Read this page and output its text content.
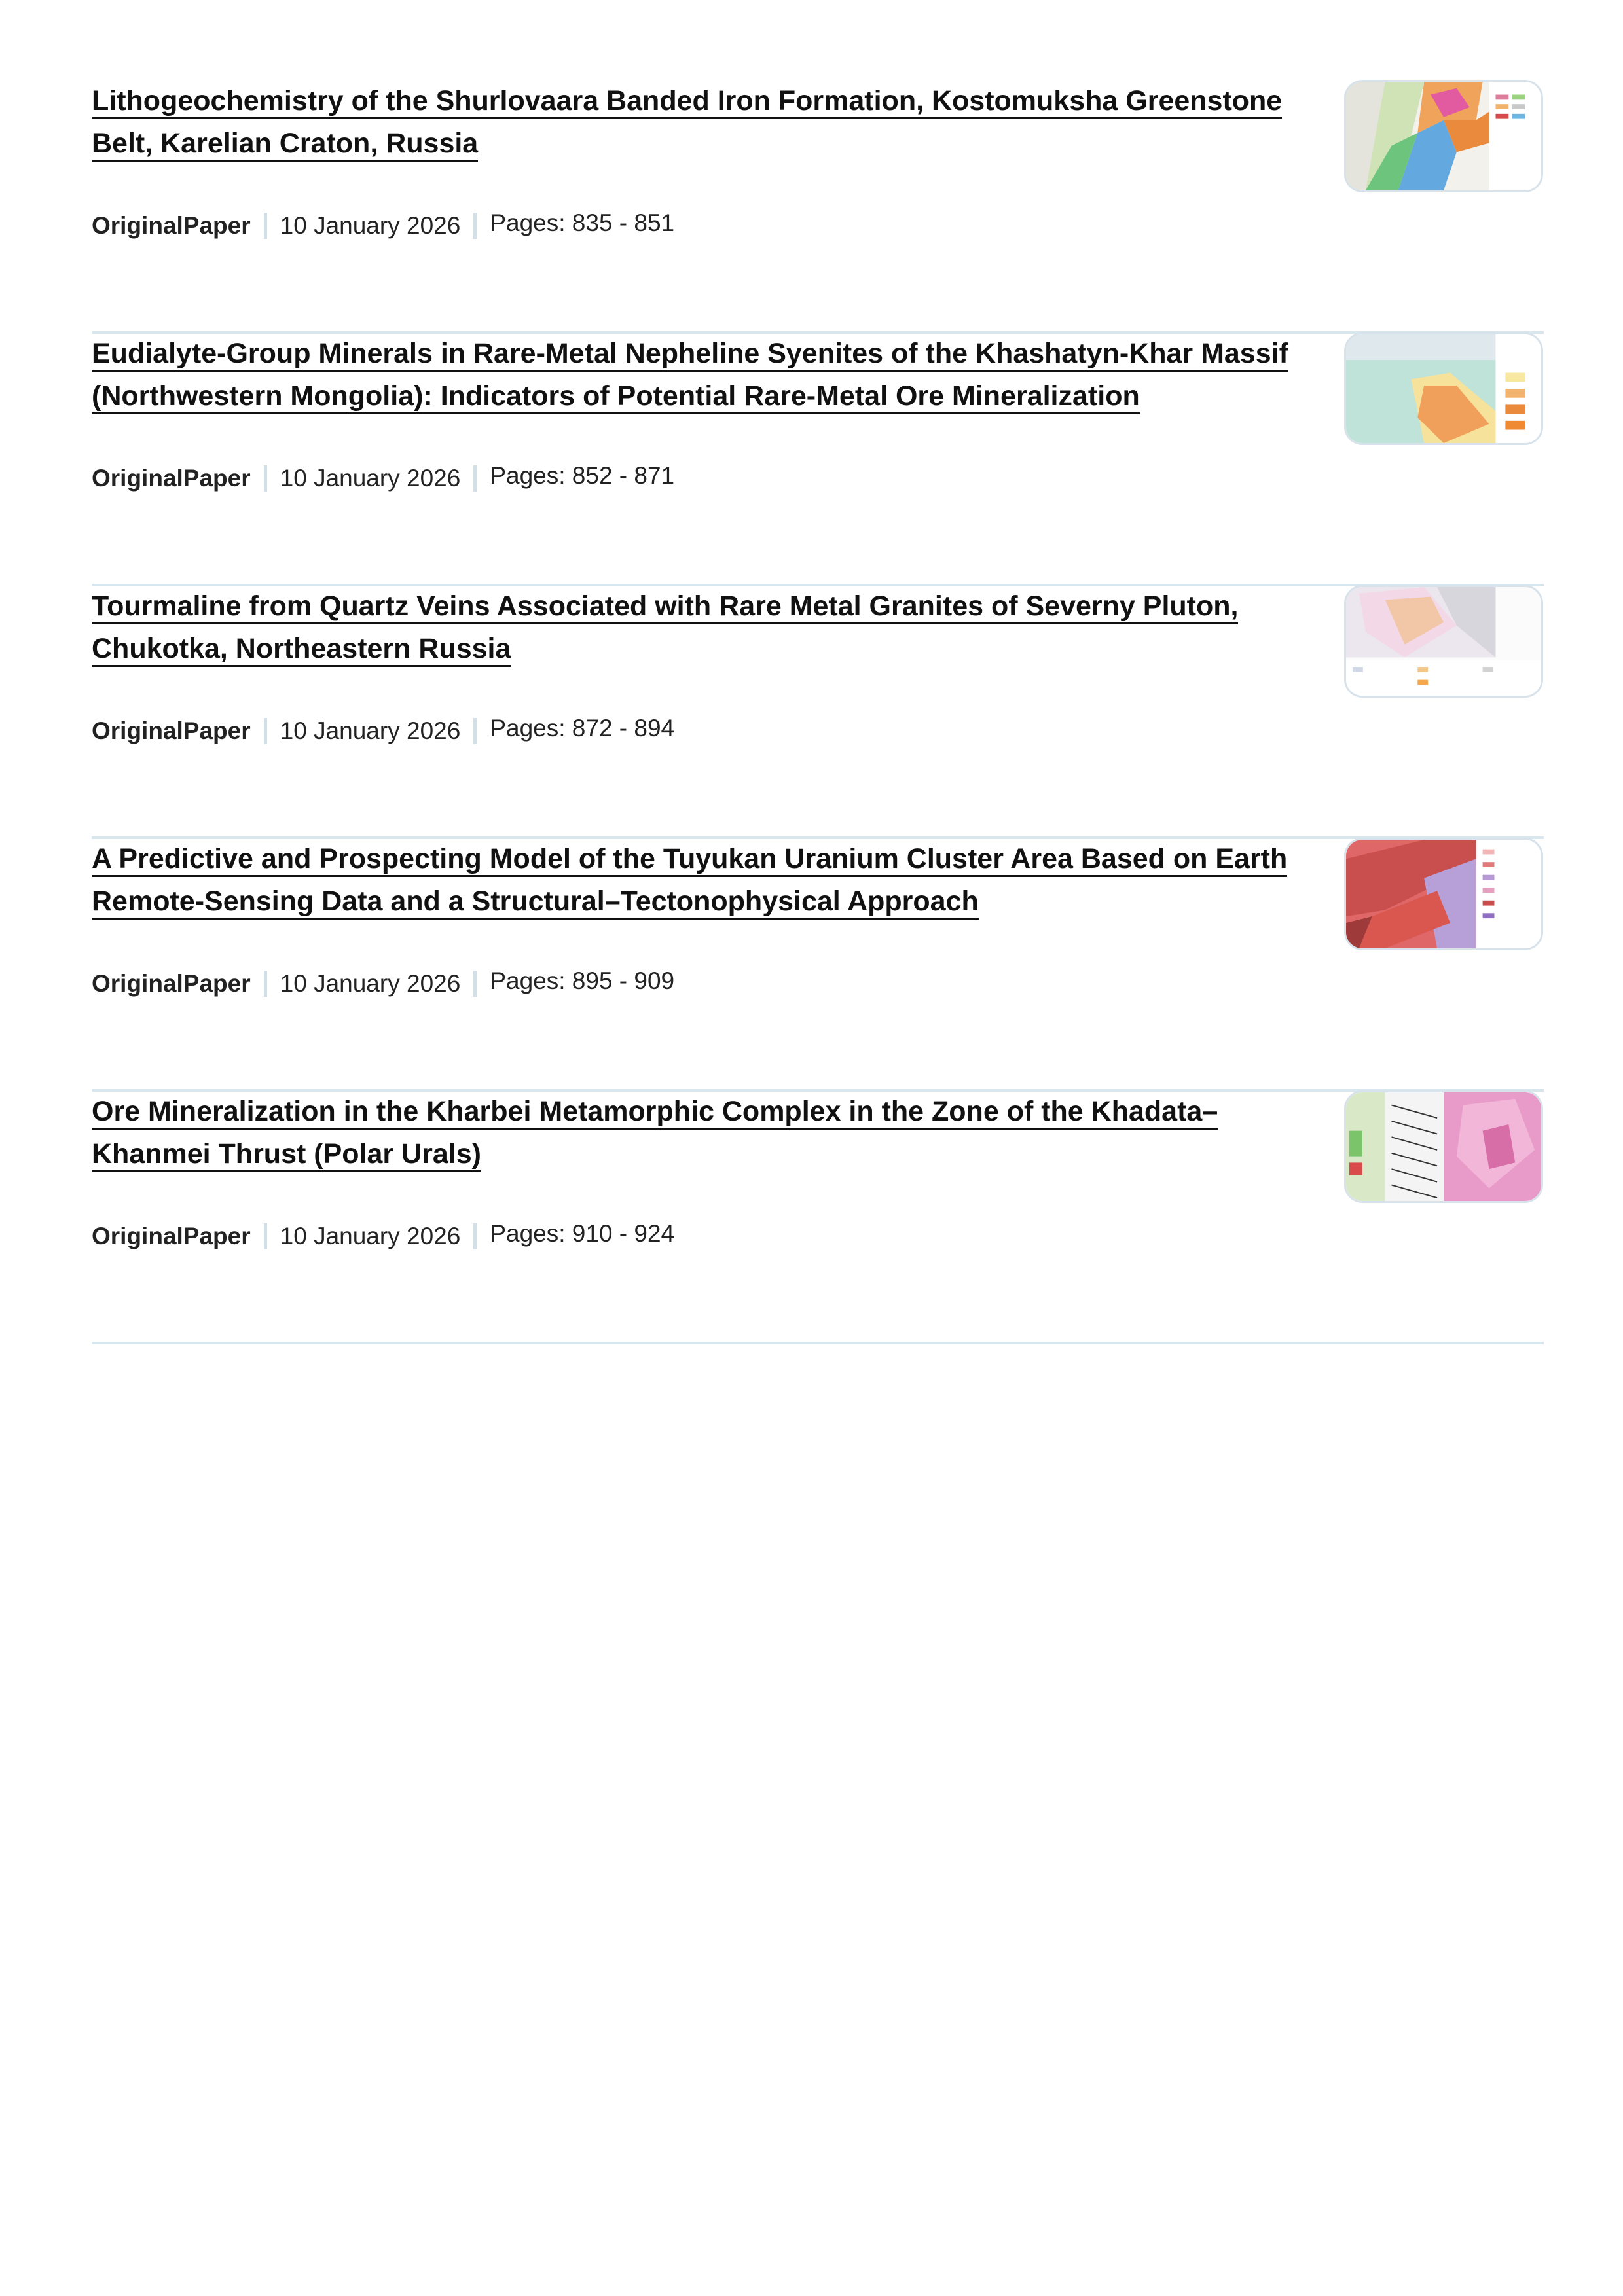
Lithogeochemistry of the Shurlovaara Banded Iron Formation, Kostomuksha Greenstone
Belt, Karelian Craton, Russia
OriginalPaper 10 January 2026 Pages: 835 - 851
Eudialyte-Group Minerals in Rare-Metal Nepheline Syenites of the Khashatyn-Khar Massif
(Northwestern Mongolia): Indicators of Potential Rare-Metal Ore Mineralization
OriginalPaper 10 January 2026 Pages: 852 - 871
Tourmaline from Quartz Veins Associated with Rare Metal Granites of Severny Pluton,
Chukotka, Northeastern Russia
OriginalPaper 10 January 2026 Pages: 872 - 894
A Predictive and Prospecting Model of the Tuyukan Uranium Cluster Area Based on Earth
Remote-Sensing Data and a Structural–Tectonophysical Approach
OriginalPaper 10 January 2026 Pages: 895 - 909
Ore Mineralization in the Kharbei Metamorphic Complex in the Zone of the Khadata–
Khanmei Thrust (Polar Urals)
OriginalPaper 10 January 2026 Pages: 910 - 924
